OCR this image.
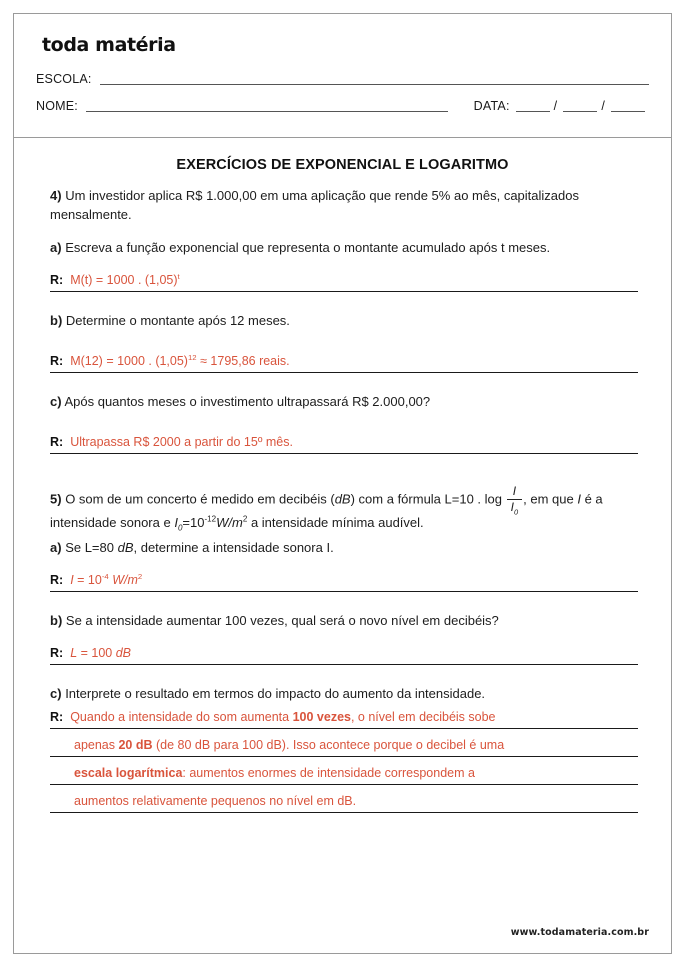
toda matéria
ESCOLA:
NOME:	DATA:	/	/
EXERCÍCIOS DE EXPONENCIAL E LOGARITMO

4) Um investidor aplica R$ 1.000,00 em uma aplicação que rende 5% ao mês, capitalizados mensalmente.

a) Escreva a função exponencial que representa o montante acumulado após t meses.

R: M(t) = 1000 . $(1,05)^t$

b) Determine o montante após 12 meses.

R: M(12) = 1000 . $(1,05)^{12} \approx 1795,86$ reais.

c) Após quantos meses o investimento ultrapassará R$ 2.000,00?

R: Ultrapassa R$ 2000 a partir do 15º mês.

5) O som de um concerto é medido em decibéis (dB) com a fórmula L=10 . $\log \frac{I}{I_0}$ , em que I é a intensidade sonora e $I_0=10^{-12}W/m^2$ a intensidade mínima audível.

a) Se L=80 dB, determine a intensidade sonora I.

R: $I = 10^{-4}$ $W/m^2$

b) Se a intensidade aumentar 100 vezes, qual será o novo nível em decibéis?

R: L = 100 dB

c) Interprete o resultado em termos do impacto do aumento da intensidade.

R: Quando a intensidade do som aumenta 100 vezes, o nível em decibéis sobe
apenas 20 dB (de 80 dB para 100 dB). Isso acontece porque o decibel é uma
escala logarítmica: aumentos enormes de intensidade correspondem a
aumentos relativamente pequenos no nível em dB.
www.todamateria.com.br
